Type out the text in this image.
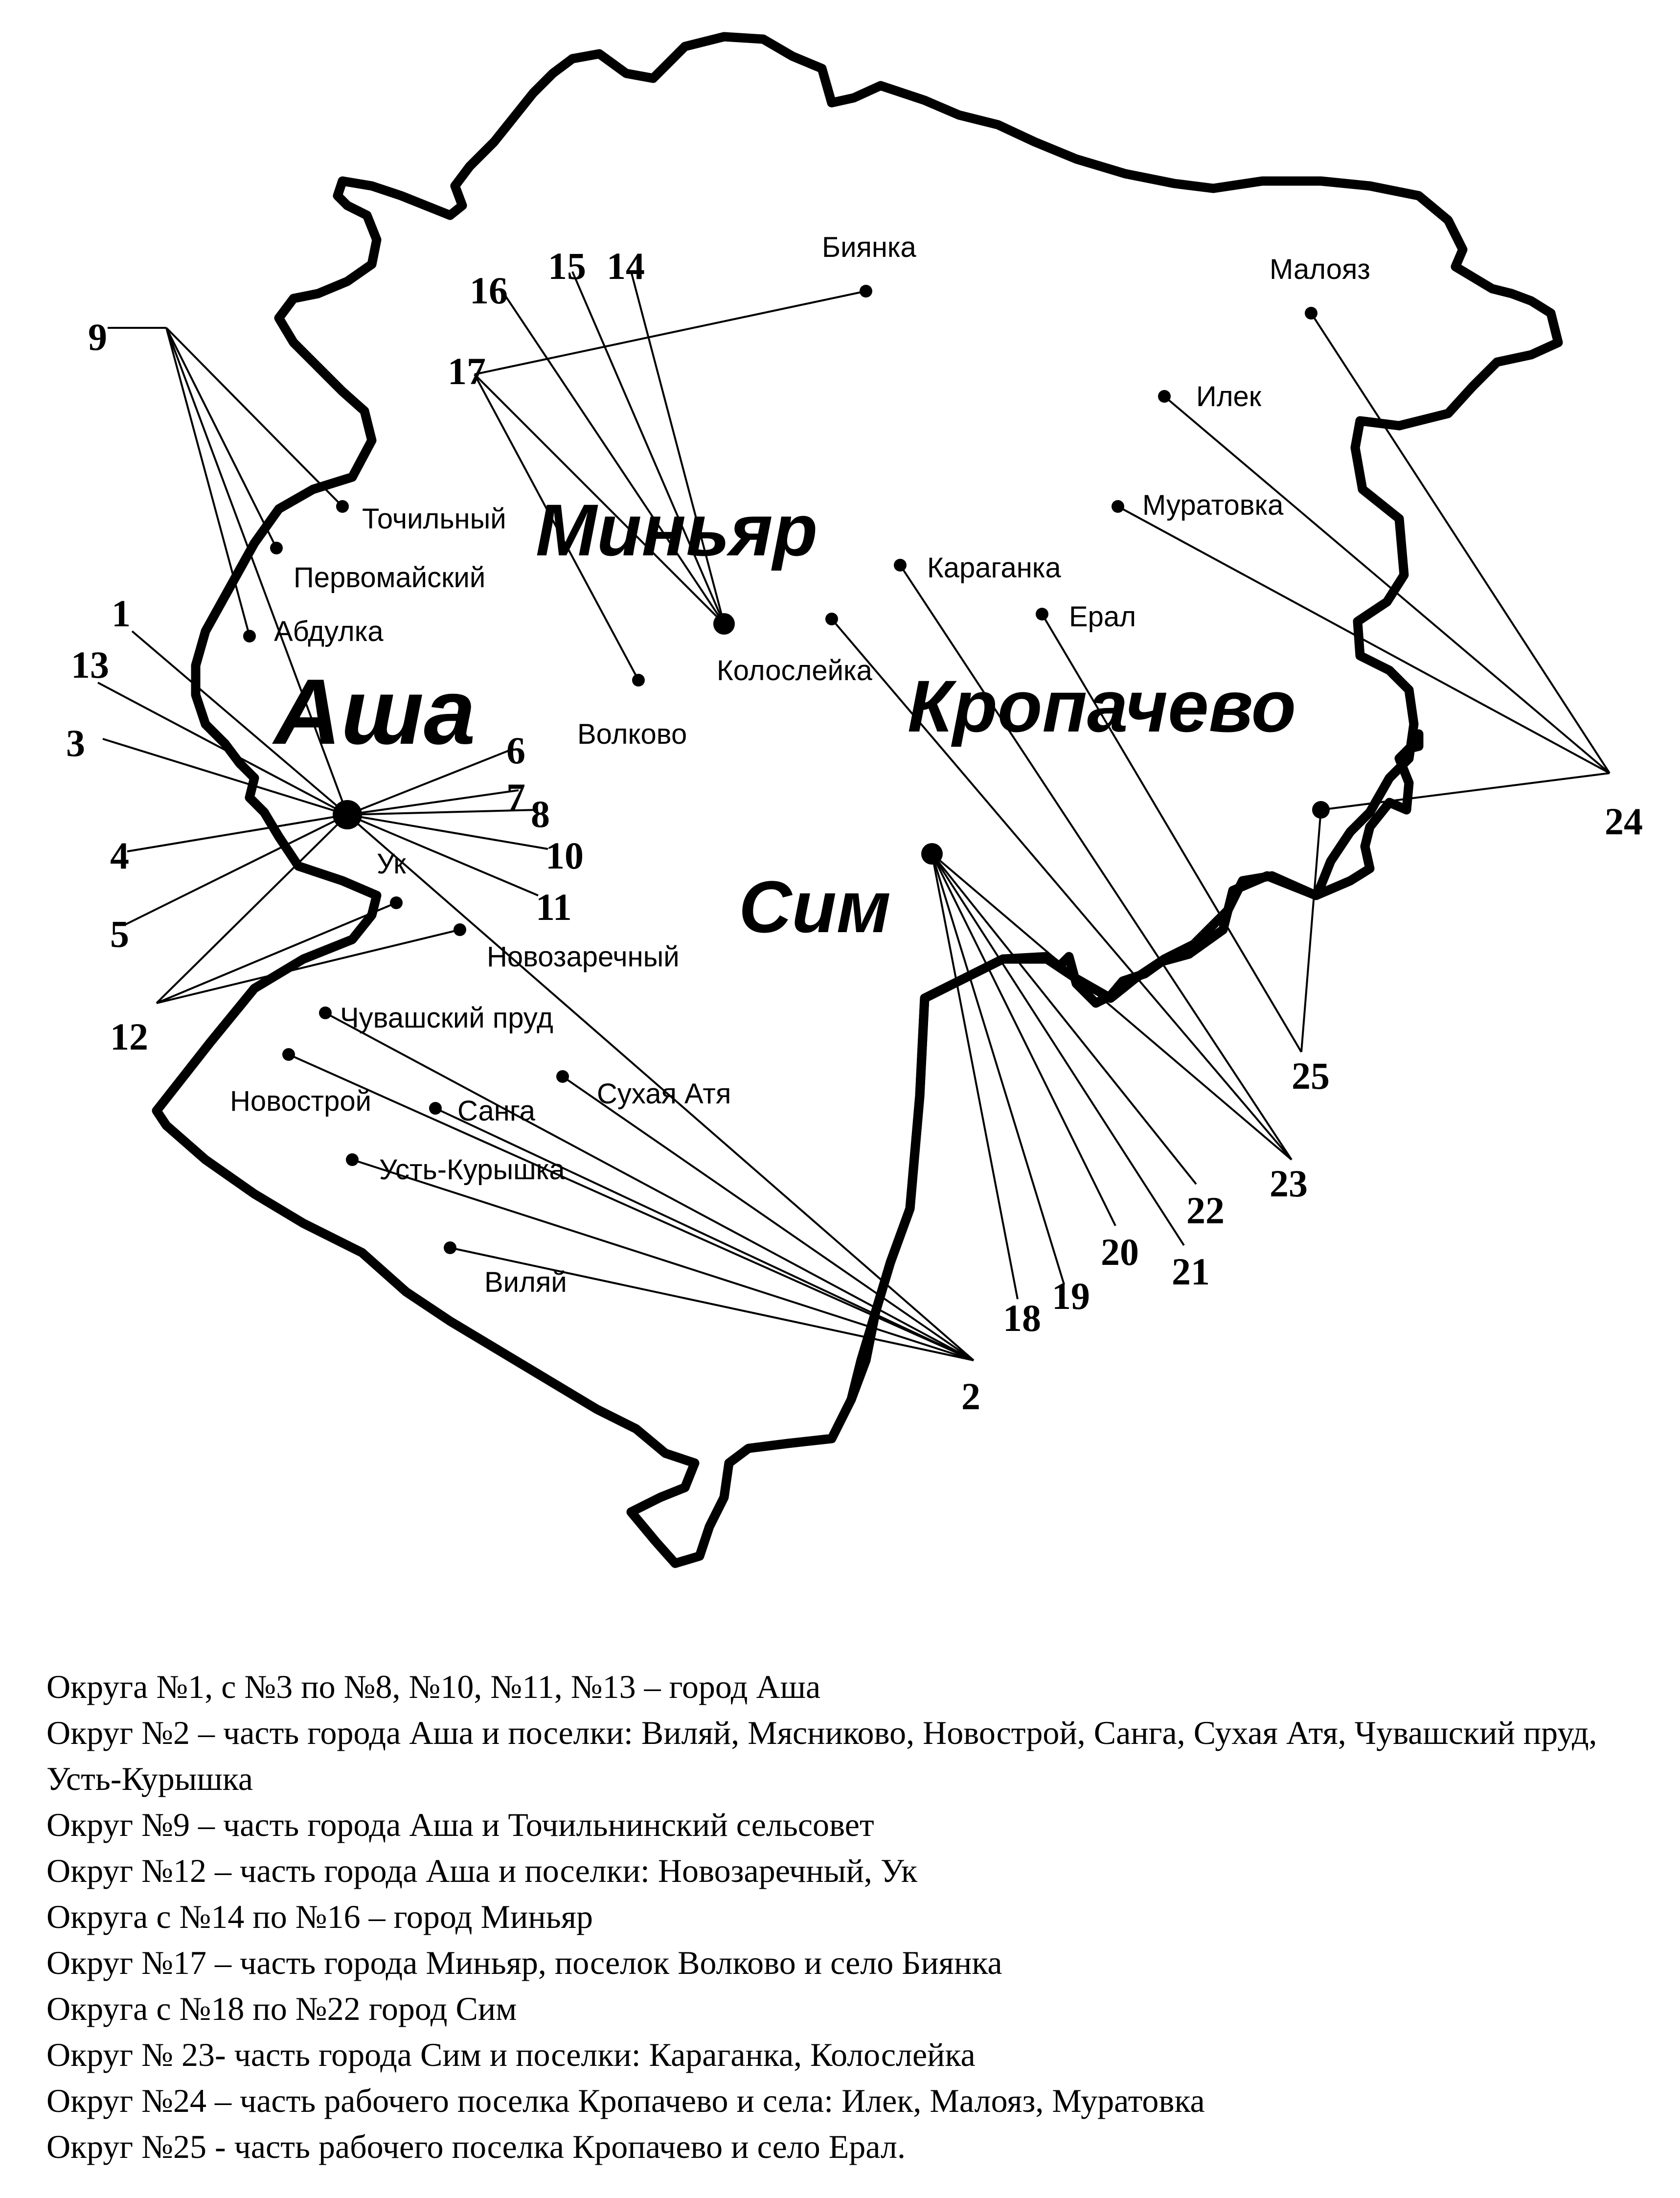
Аша
Миньяр
Кропачево
Сим
Биянка
Малояз
Илек
Муратовка
Точильный
Первомайский
Абдулка
Караганка
Ерал
Колослейка
Волково
Ук
Новозаречный
Чувашский пруд
Новострой	Санга
Сухая Атя
Усть-Курышка
Виляй
1
2
3
4
5
6
7 8
9
10
11
12
13
14
15
16
17
18
19
20 21
22
23
24
25

Округа №1, с №3 по №8, №10, №11, №13 – город Аша

Округ №2 – часть города Аша и поселки: Виляй, Мясниково, Новострой, Санга, Сухая Атя, Чувашский пруд, Усть-Курышка

Округ №9 – часть города Аша и Точильнинский сельсовет

Округ №12 – часть города Аша и поселки: Новозаречный, Ук

Округа с №14 по №16 – город Миньяр

Округ №17 – часть города Миньяр, поселок Волково и село Биянка

Округа с №18 по №22 город Сим

Округ № 23- часть города Сим и поселки: Караганка, Колослейка

Округ №24 – часть рабочего поселка Кропачево и села: Илек, Малояз, Муратовка

Округ №25 - часть рабочего поселка Кропачево и село Ерал.
